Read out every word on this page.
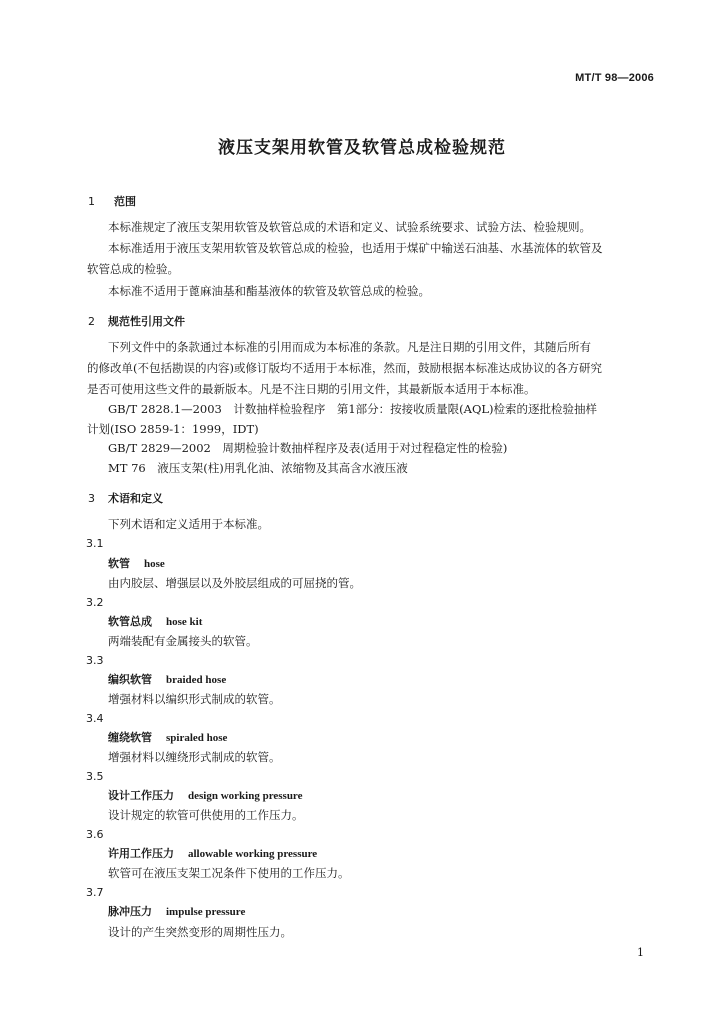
MT/T 98—2006
液压支架用软管及软管总成检验规范
1 范围
本标准规定了液压支架用软管及软管总成的术语和定义、试验系统要求、试验方法、检验规则。
本标准适用于液压支架用软管及软管总成的检验，也适用于煤矿中输送石油基、水基流体的软管及
软管总成的检验。
本标准不适用于蓖麻油基和酯基液体的软管及软管总成的检验。
2 规范性引用文件
下列文件中的条款通过本标准的引用而成为本标准的条款。凡是注日期的引用文件，其随后所有
的修改单(不包括勘误的内容)或修订版均不适用于本标准，然而，鼓励根据本标准达成协议的各方研究
是否可使用这些文件的最新版本。凡是不注日期的引用文件，其最新版本适用于本标准。
GB/T 2828.1—2003　计数抽样检验程序　第1部分：按接收质量限(AQL)检索的逐批检验抽样
计划(ISO 2859-1：1999，IDT)
GB/T 2829—2002　周期检验计数抽样程序及表(适用于对过程稳定性的检验)
MT 76　液压支架(柱)用乳化油、浓缩物及其高含水液压液
3 术语和定义
下列术语和定义适用于本标准。
3.1
软管 hose
由内胶层、增强层以及外胶层组成的可屈挠的管。
3.2
软管总成 hose kit
两端装配有金属接头的软管。
3.3
编织软管 braided hose
增强材料以编织形式制成的软管。
3.4
缠绕软管 spiraled hose
增强材料以缠绕形式制成的软管。
3.5
设计工作压力 design working pressure
设计规定的软管可供使用的工作压力。
3.6
许用工作压力 allowable working pressure
软管可在液压支架工况条件下使用的工作压力。
3.7
脉冲压力 impulse pressure
设计的产生突然变形的周期性压力。
1
